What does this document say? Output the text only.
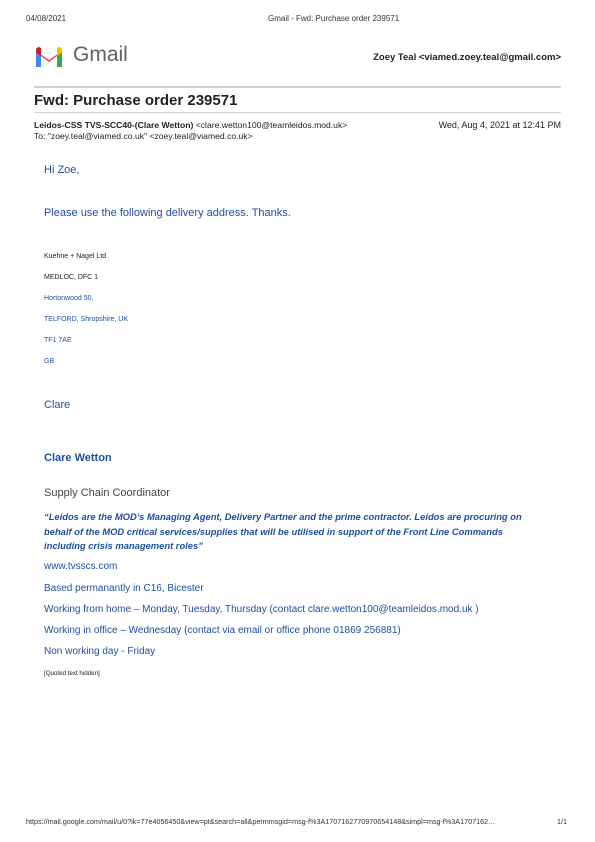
04/08/2021	Gmail - Fwd: Purchase order 239571
Gmail	Zoey Teal <viamed.zoey.teal@gmail.com>
Fwd: Purchase order 239571
Leidos-CSS TVS-SCC40-(Clare Wetton) <clare.wetton100@teamleidos.mod.uk>	Wed, Aug 4, 2021 at 12:41 PM
To: "zoey.teal@viamed.co.uk" <zoey.teal@viamed.co.uk>
Hi Zoe,
Please use the following delivery address. Thanks.
Kuehne + Nagel Ltd
MEDLOC, DFC 1
Hortonwood 50,
TELFORD, Shropshire, UK
TF1 7AE
GB
Clare
Clare Wetton
Supply Chain Coordinator
“Leidos are the MOD’s Managing Agent, Delivery Partner and the prime contractor. Leidos are procuring on behalf of the MOD critical services/supplies that will be utilised in support of the Front Line Commands including crisis management roles”
www.tvsscs.com
Based permanantly in C16, Bicester
Working from home – Monday, Tuesday, Thursday (contact clare.wetton100@teamleidos.mod.uk )
Working in office – Wednesday (contact via email or office phone 01869 256881)
Non working day - Friday
[Quoted text hidden]
https://mail.google.com/mail/u/0?ik=77e4056450&view=pt&search=all&permmsgid=msg-f%3A1707162770970654148&simpl=msg-f%3A1707162…	1/1
